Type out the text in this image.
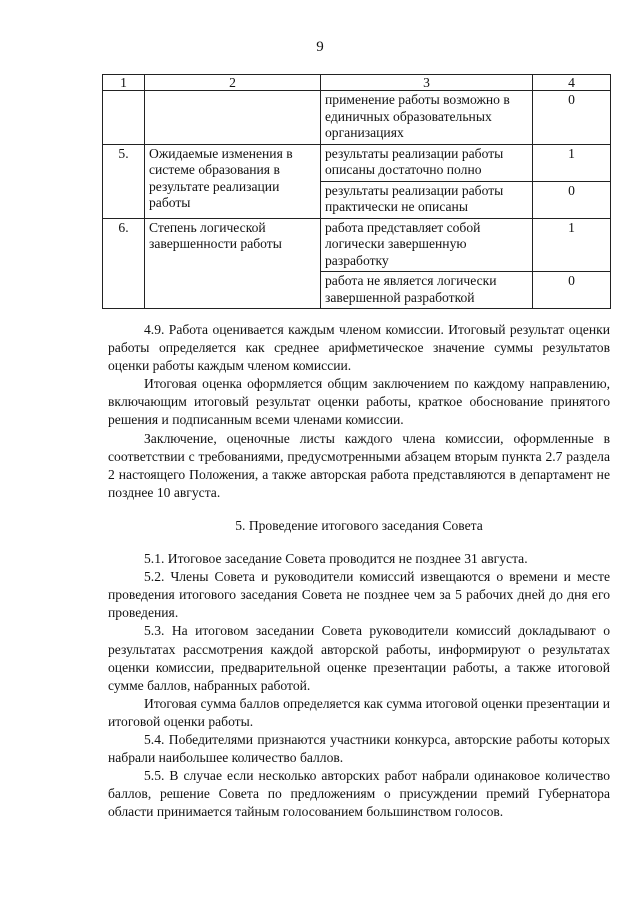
9
1	2	3	4
		применение работы возможно в единичных образовательных организациях	0
5.	Ожидаемые изменения в системе образования в результате реализации работы	результаты реализации работы описаны достаточно полно	1
		результаты реализации работы практически не описаны	0
6.	Степень логической завершенности работы	работа представляет собой логически завершенную разработку	1
		работа не является логически завершенной разработкой	0

4.9. Работа оценивается каждым членом комиссии. Итоговый результат оценки работы определяется как среднее арифметическое значение суммы результатов оценки работы каждым членом комиссии.

Итоговая оценка оформляется общим заключением по каждому направлению, включающим итоговый результат оценки работы, краткое обоснование принятого решения и подписанным всеми членами комиссии.

Заключение, оценочные листы каждого члена комиссии, оформленные в соответствии с требованиями, предусмотренными абзацем вторым пункта 2.7 раздела 2 настоящего Положения, а также авторская работа представляются в департамент не позднее 10 августа.

5. Проведение итогового заседания Совета

5.1. Итоговое заседание Совета проводится не позднее 31 августа.

5.2. Члены Совета и руководители комиссий извещаются о времени и месте проведения итогового заседания Совета не позднее чем за 5 рабочих дней до дня его проведения.

5.3. На итоговом заседании Совета руководители комиссий докладывают о результатах рассмотрения каждой авторской работы, информируют о результатах оценки комиссии, предварительной оценке презентации работы, а также итоговой сумме баллов, набранных работой.

Итоговая сумма баллов определяется как сумма итоговой оценки презентации и итоговой оценки работы.

5.4. Победителями признаются участники конкурса, авторские работы которых набрали наибольшее количество баллов.

5.5. В случае если несколько авторских работ набрали одинаковое количество баллов, решение Совета по предложениям о присуждении премий Губернатора области принимается тайным голосованием большинством голосов.
